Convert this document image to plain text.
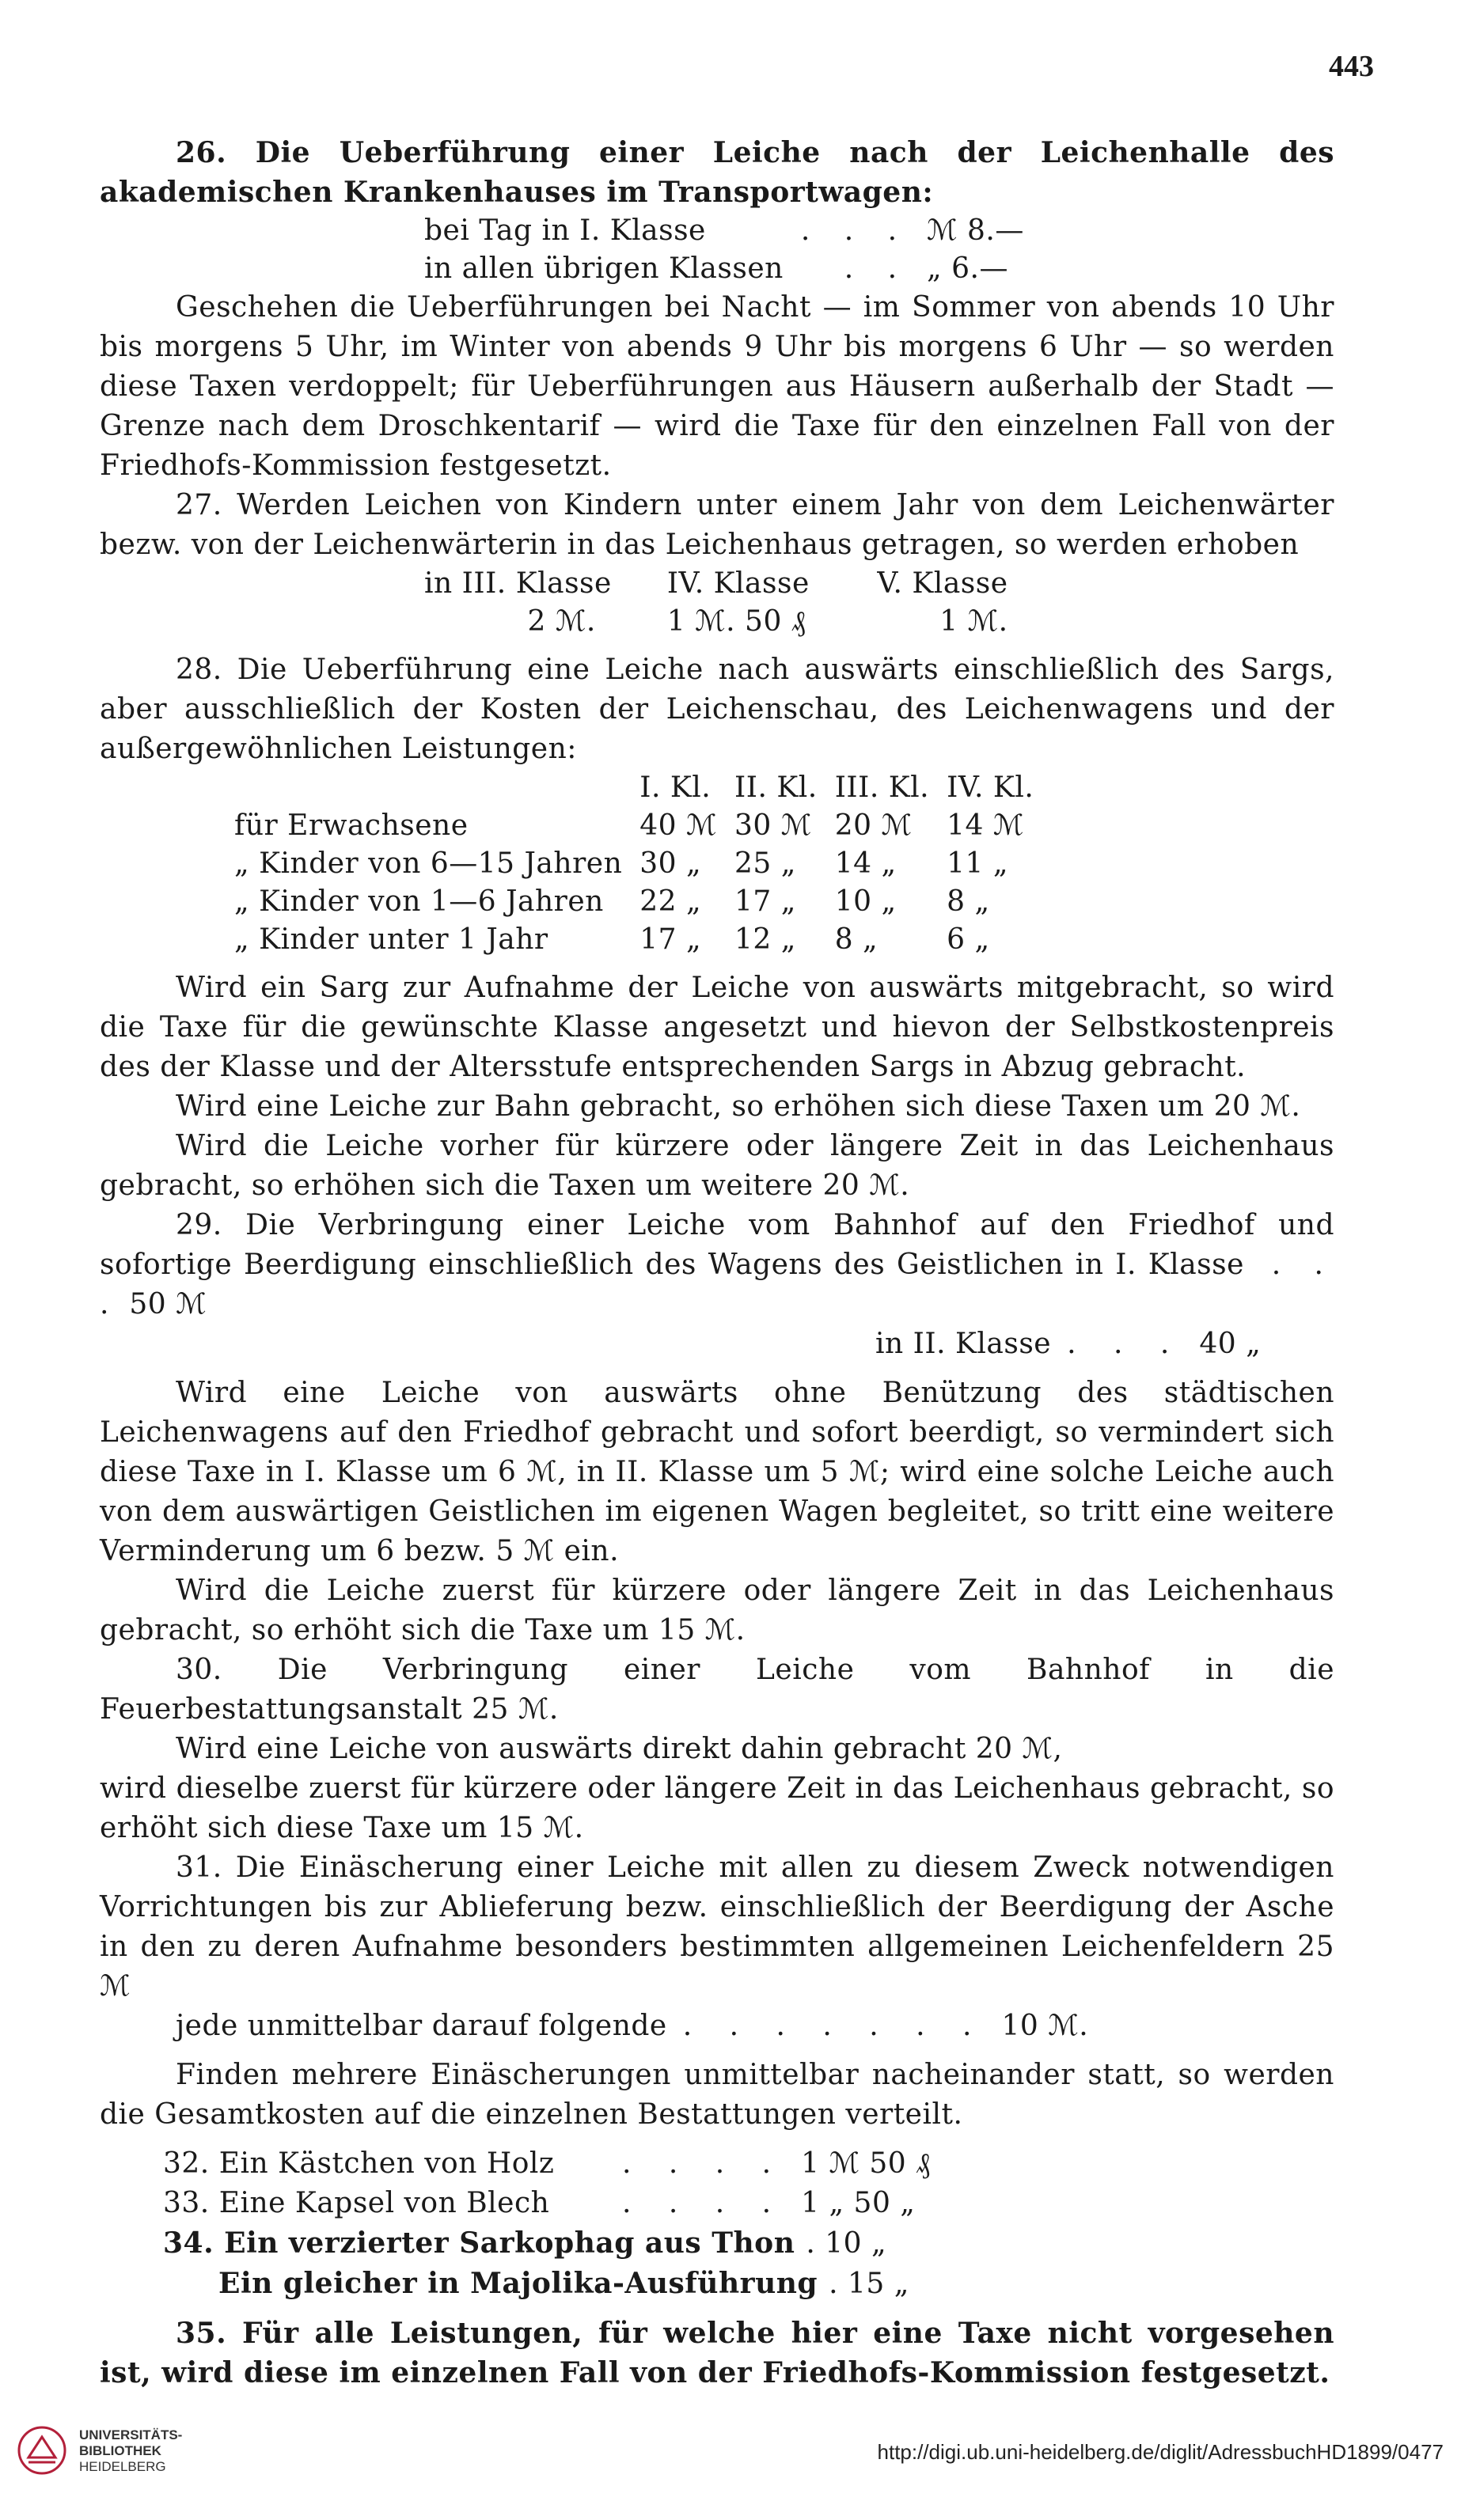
443

26. Die Ueberführung einer Leiche nach der Leichenhalle des akademischen Krankenhauses im Transportwagen:

bei Tag in I. Klasse	. . .	ℳ 8.—
in allen übrigen Klassen	. .	„ 6.—

Geschehen die Ueberführungen bei Nacht — im Sommer von abends 10 Uhr bis morgens 5 Uhr, im Winter von abends 9 Uhr bis morgens 6 Uhr — so werden diese Taxen verdoppelt; für Ueberführungen aus Häusern außerhalb der Stadt — Grenze nach dem Droschkentarif — wird die Taxe für den einzelnen Fall von der Friedhofs-Kommission festgesetzt.

27. Werden Leichen von Kindern unter einem Jahr von dem Leichenwärter bezw. von der Leichenwärterin in das Leichenhaus getragen, so werden erhoben

in III. Klasse	IV. Klasse	V. Klasse
2 ℳ.	1 ℳ. 50 ₰	1 ℳ.

28. Die Ueberführung eine Leiche nach auswärts einschließlich des Sargs, aber ausschließlich der Kosten der Leichenschau, des Leichenwagens und der außergewöhnlichen Leistungen:

	I. Kl.	II. Kl.	III. Kl.	IV. Kl.
für Erwachsene	40 ℳ	30 ℳ	20 ℳ	14 ℳ
„ Kinder von 6—15 Jahren	30 „	25 „	14 „	11 „
„ Kinder von 1—6 Jahren	22 „	17 „	10 „	8 „
„ Kinder unter 1 Jahr	17 „	12 „	8 „	6 „

Wird ein Sarg zur Aufnahme der Leiche von auswärts mitgebracht, so wird die Taxe für die gewünschte Klasse angesetzt und hievon der Selbstkostenpreis des der Klasse und der Altersstufe entsprechenden Sargs in Abzug gebracht.

Wird eine Leiche zur Bahn gebracht, so erhöhen sich diese Taxen um 20 ℳ.

Wird die Leiche vorher für kürzere oder längere Zeit in das Leichenhaus gebracht, so erhöhen sich die Taxen um weitere 20 ℳ.

29. Die Verbringung einer Leiche vom Bahnhof auf den Friedhof und sofortige Beerdigung einschließlich des Wagens des Geistlichen in I. Klasse . . . 50 ℳ

in II. Klasse . . . 40 „

Wird eine Leiche von auswärts ohne Benützung des städtischen Leichenwagens auf den Friedhof gebracht und sofort beerdigt, so vermindert sich diese Taxe in I. Klasse um 6 ℳ, in II. Klasse um 5 ℳ; wird eine solche Leiche auch von dem auswärtigen Geistlichen im eigenen Wagen begleitet, so tritt eine weitere Verminderung um 6 bezw. 5 ℳ ein.

Wird die Leiche zuerst für kürzere oder längere Zeit in das Leichenhaus gebracht, so erhöht sich die Taxe um 15 ℳ.

30. Die Verbringung einer Leiche vom Bahnhof in die Feuerbestattungsanstalt 25 ℳ.

Wird eine Leiche von auswärts direkt dahin gebracht 20 ℳ,

wird dieselbe zuerst für kürzere oder längere Zeit in das Leichenhaus gebracht, so erhöht sich diese Taxe um 15 ℳ.

31. Die Einäscherung einer Leiche mit allen zu diesem Zweck notwendigen Vorrichtungen bis zur Ablieferung bezw. einschließlich der Beerdigung der Asche in den zu deren Aufnahme besonders bestimmten allgemeinen Leichenfeldern 25 ℳ

jede unmittelbar darauf folgende . . . . . . . 10 ℳ.

Finden mehrere Einäscherungen unmittelbar nacheinander statt, so werden die Gesamtkosten auf die einzelnen Bestattungen verteilt.

32. Ein Kästchen von Holz	. . . . 1 ℳ 50 ₰
33. Eine Kapsel von Blech	. . . . 1 „ 50 „
34. Ein verzierter Sarkophag aus Thon . 10 „
Ein gleicher in Majolika-Ausführung . 15 „

35. Für alle Leistungen, für welche hier eine Taxe nicht vorgesehen ist, wird diese im einzelnen Fall von der Friedhofs-Kommission festgesetzt.

UNIVERSITÄTS-
BIBLIOTHEK
HEIDELBERG
http://digi.ub.uni-heidelberg.de/diglit/AdressbuchHD1899/0477
